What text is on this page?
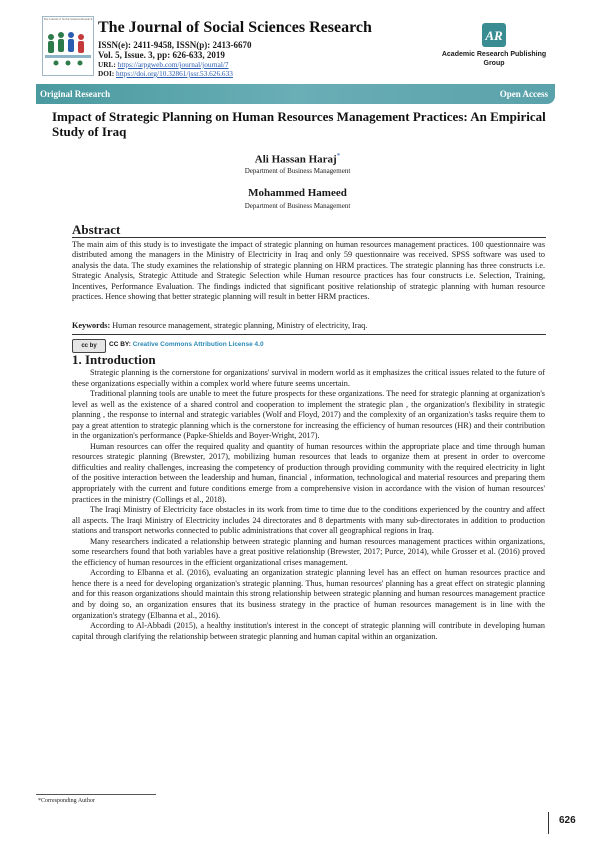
The Journal of Social Sciences Research The Journal of Social Sciences Research
ISSN(e): 2411-9458, ISSN(p): 2413-6670
Vol. 5, Issue. 3, pp: 626-633, 2019
URL: https://arpgweb.com/journal/journal/7
DOI: https://doi.org/10.32861/jssr.53.626.633
AR
Academic Research Publishing Group
Original Research	Open Access
Impact of Strategic Planning on Human Resources Management Practices: An Empirical Study of Iraq
Ali Hassan Haraj*
Department of Business Management
Mohammed Hameed
Department of Business Management
Abstract
The main aim of this study is to investigate the impact of strategic planning on human resources management practices. 100 questionnaire was distributed among the managers in the Ministry of Electricity in Iraq and only 59 questionnaire was received. SPSS software was used to analysis the data. The study examines the relationship of strategic planning on HRM practices. The strategic planning has three constructs i.e. Strategic Analysis, Strategic Attitude and Strategic Selection while Human resource practices has four constructs i.e. Selection, Training, Incentives, Performance Evaluation. The findings indicted that significant positive relationship of strategic planning with human resource practices. Hence showing that better strategic planning will result in better HRM practices.
Keywords: Human resource management, strategic planning, Ministry of electricity, Iraq.
cc by	CC BY: Creative Commons Attribution License 4.0
1. Introduction

Strategic planning is the cornerstone for organizations' survival in modern world as it emphasizes the critical issues related to the future of these organizations especially within a complex world where future seems uncertain.

Traditional planning tools are unable to meet the future prospects for these organizations. The need for strategic planning at organization's level as well as the existence of a shared control and cooperation to implement the strategic plan , the organization's flexibility in strategic planning , the response to internal and strategic variables (Wolf and Floyd, 2017) and the complexity of an organization's tasks require them to pay a great attention to strategic planning which is the cornerstone for increasing the efficiency of human resources (HR) and their contribution in the organization's performance (Papke-Shields and Boyer-Wright, 2017).

Human resources can offer the required quality and quantity of human resources within the appropriate place and time through human resources strategic planning (Brewster, 2017), mobilizing human resources that leads to organize them at present in order to overcome difficulties and reality challenges, increasing the competency of production through providing community with the required electricity in light of the positive interaction between the leadership and human, financial , information, technological and material resources and preparing them appropriately with the current and future conditions emerge from a comprehensive vision in accordance with the vision of human resources' practices in the ministry (Collings et al., 2018).

The Iraqi Ministry of Electricity face obstacles in its work from time to time due to the conditions experienced by the country and affect all aspects. The Iraqi Ministry of Electricity includes 24 directorates and 8 departments with many sub-directorates in addition to production stations and transport networks connected to public administrations that cover all geographical regions in Iraq.

Many researchers indicated a relationship between strategic planning and human resources management practices within organizations, some researchers found that both variables have a great positive relationship (Brewster, 2017; Purce, 2014), while Grosser et al. (2016) proved the efficiency of human resources in the efficient organizational crises management.

According to Elbanna et al. (2016), evaluating an organization strategic planning level has an effect on human resources practice and hence there is a need for developing organization's strategic planning. Thus, human resources' planning has a great effect on strategic planning and for this reason organizations should maintain this strong relationship between strategic planning and human resources management practice and by doing so, an organization ensures that its business strategy in the practice of human resources management is in line with the organization's strategy (Elbanna et al., 2016).

According to Al-Abbadi (2015), a healthy institution's interest in the concept of strategic planning will contribute in developing human capital through clarifying the relationship between strategic planning and human capital within an organization.

*Corresponding Author
626
